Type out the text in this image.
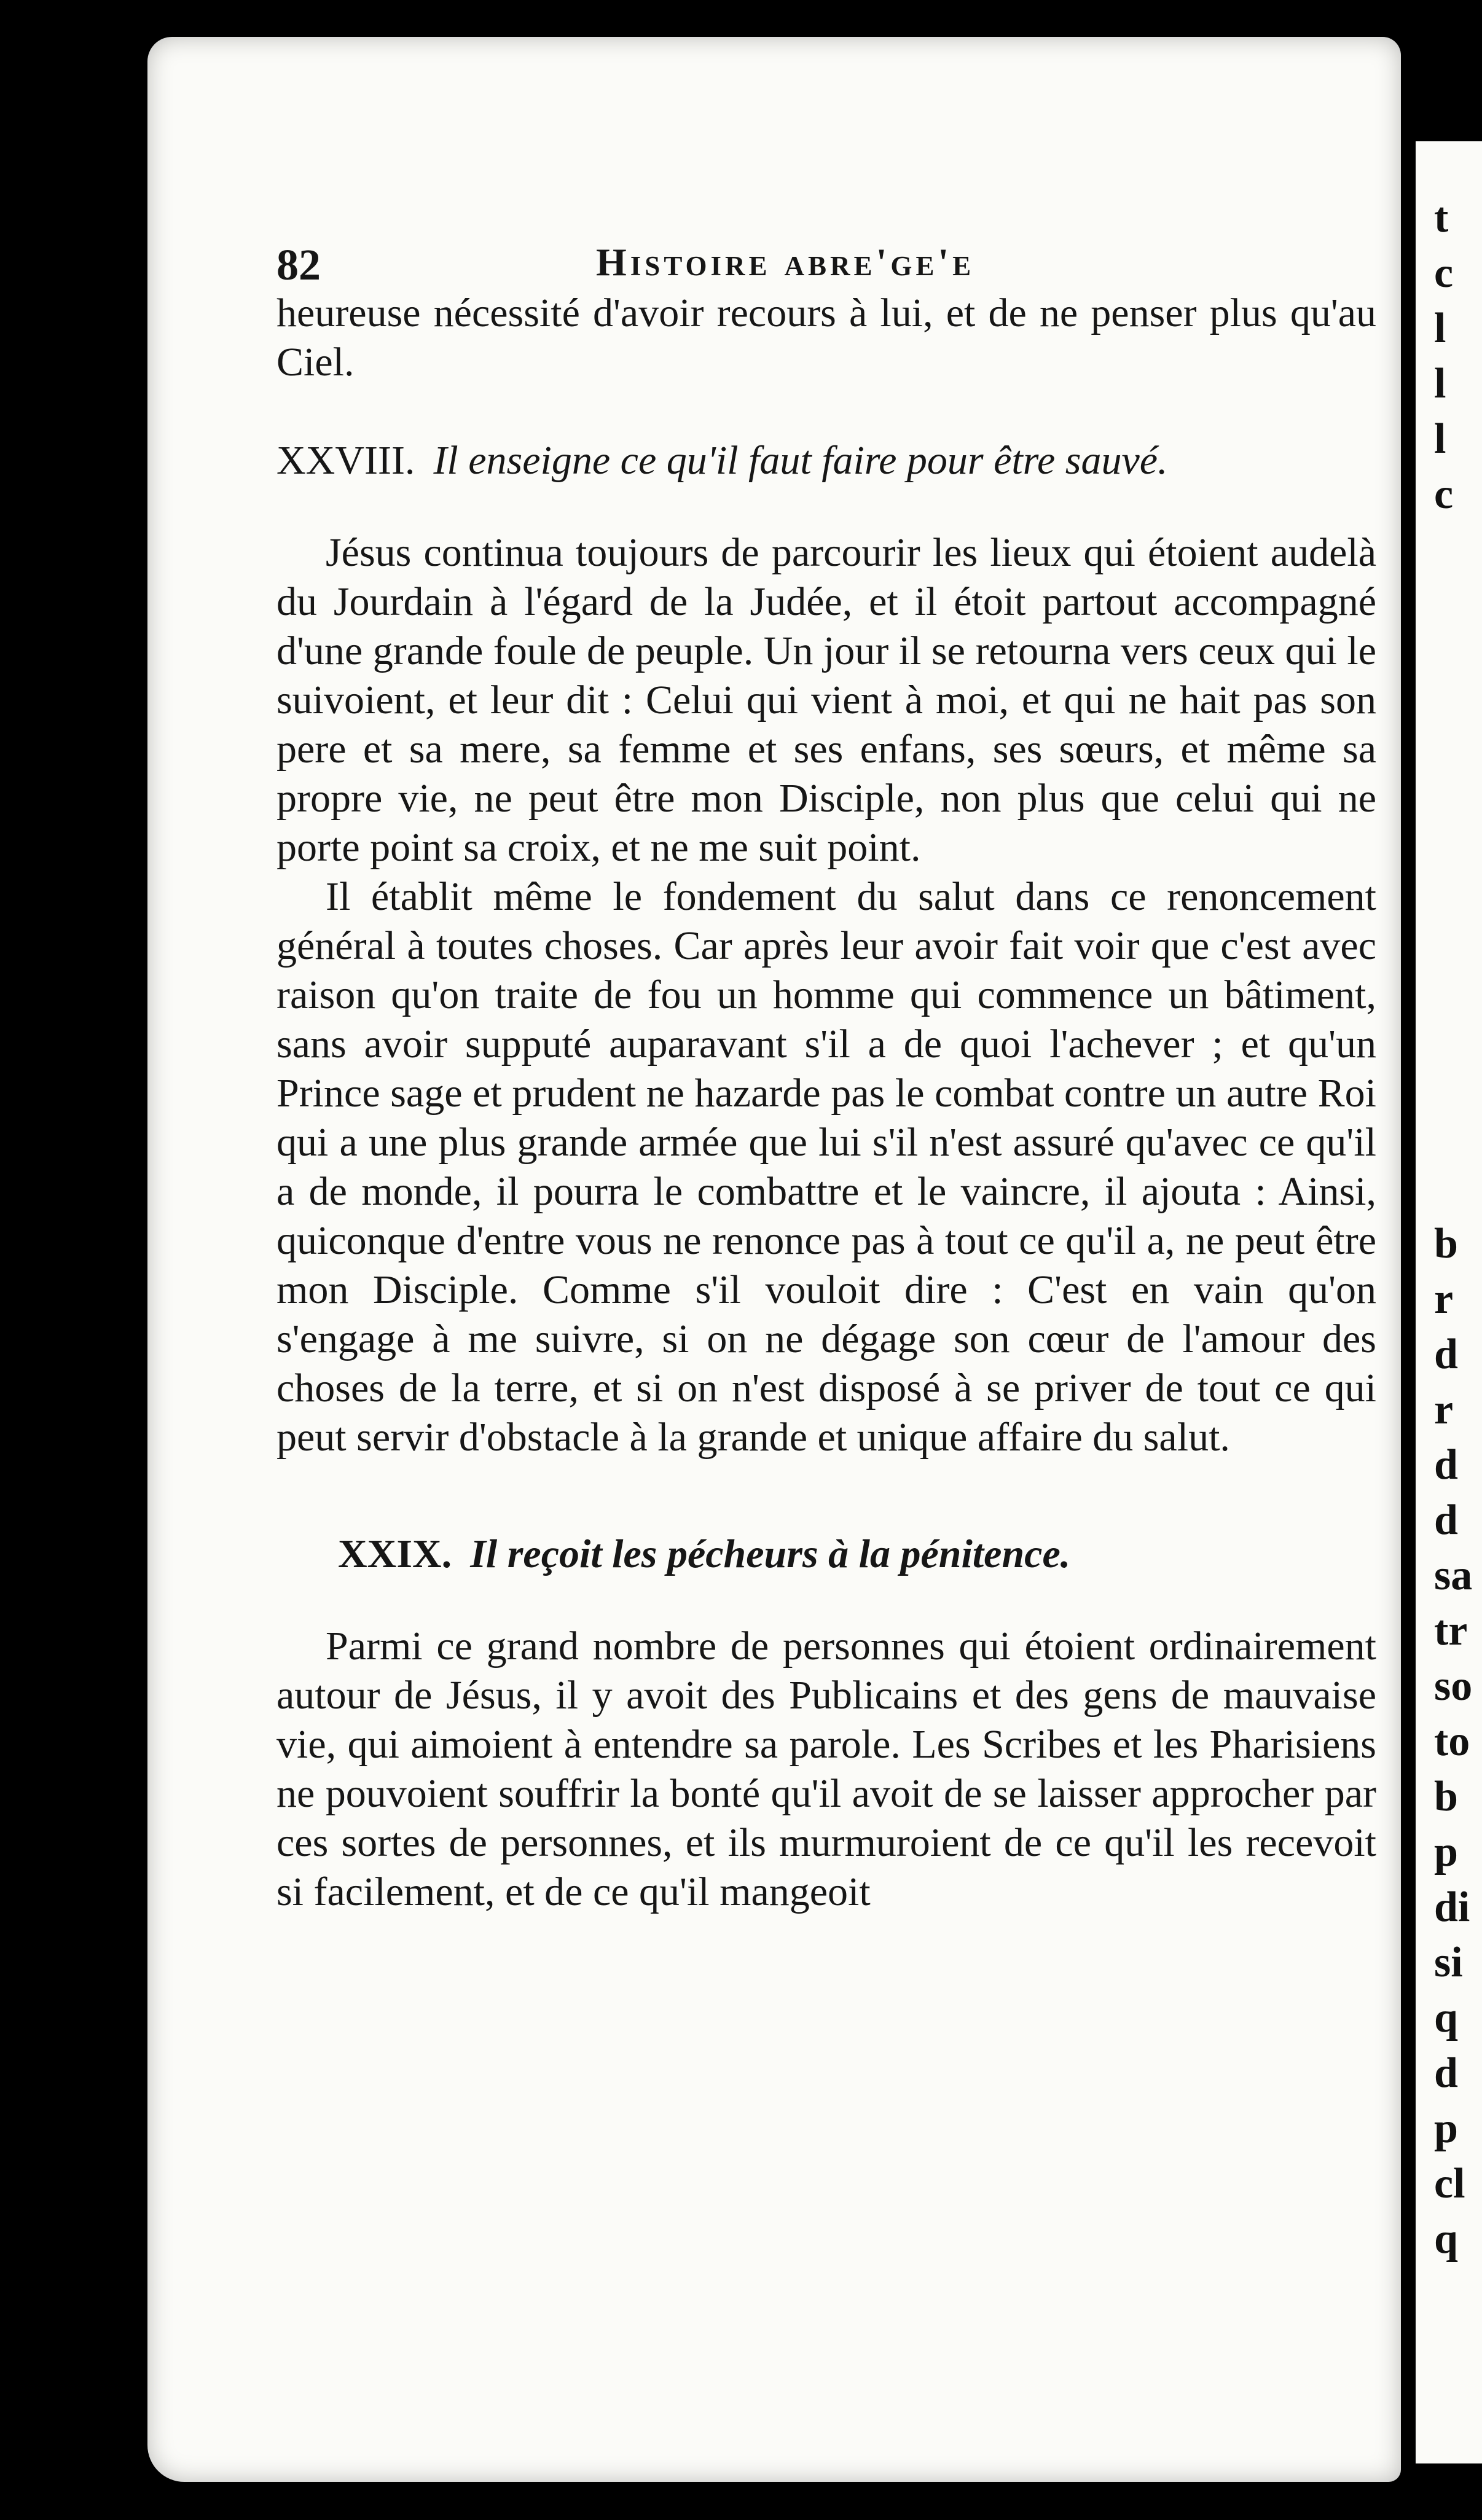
82	Histoire abre'ge'e

heureuse nécessité d'avoir recours à lui, et de ne penser plus qu'au Ciel.

XXVIII. Il enseigne ce qu'il faut faire pour être sauvé.

Jésus continua toujours de parcourir les lieux qui étoient audelà du Jourdain à l'égard de la Judée, et il étoit partout accompagné d'une grande foule de peuple. Un jour il se retourna vers ceux qui le suivoient, et leur dit : Celui qui vient à moi, et qui ne hait pas son pere et sa mere, sa femme et ses enfans, ses sœurs, et même sa propre vie, ne peut être mon Disciple, non plus que celui qui ne porte point sa croix, et ne me suit point.

Il établit même le fondement du salut dans ce renoncement général à toutes choses. Car après leur avoir fait voir que c'est avec raison qu'on traite de fou un homme qui commence un bâtiment, sans avoir supputé auparavant s'il a de quoi l'achever ; et qu'un Prince sage et prudent ne hazarde pas le combat contre un autre Roi qui a une plus grande armée que lui s'il n'est assuré qu'avec ce qu'il a de monde, il pourra le combattre et le vaincre, il ajouta : Ainsi, quiconque d'entre vous ne renonce pas à tout ce qu'il a, ne peut être mon Disciple. Comme s'il vouloit dire : C'est en vain qu'on s'engage à me suivre, si on ne dégage son cœur de l'amour des choses de la terre, et si on n'est disposé à se priver de tout ce qui peut servir d'obstacle à la grande et unique affaire du salut.

XXIX. Il reçoit les pécheurs à la pénitence.

Parmi ce grand nombre de personnes qui étoient ordinairement autour de Jésus, il y avoit des Publicains et des gens de mauvaise vie, qui aimoient à entendre sa parole. Les Scribes et les Pharisiens ne pouvoient souffrir la bonté qu'il avoit de se laisser approcher par ces sortes de personnes, et ils murmuroient de ce qu'il les recevoit si facilement, et de ce qu'il mangeoit

t
c
l
l
l
c
b
r
d
r
d
d
sa
tr
so
to
b
p
di
si
q
d
p
cl
q
